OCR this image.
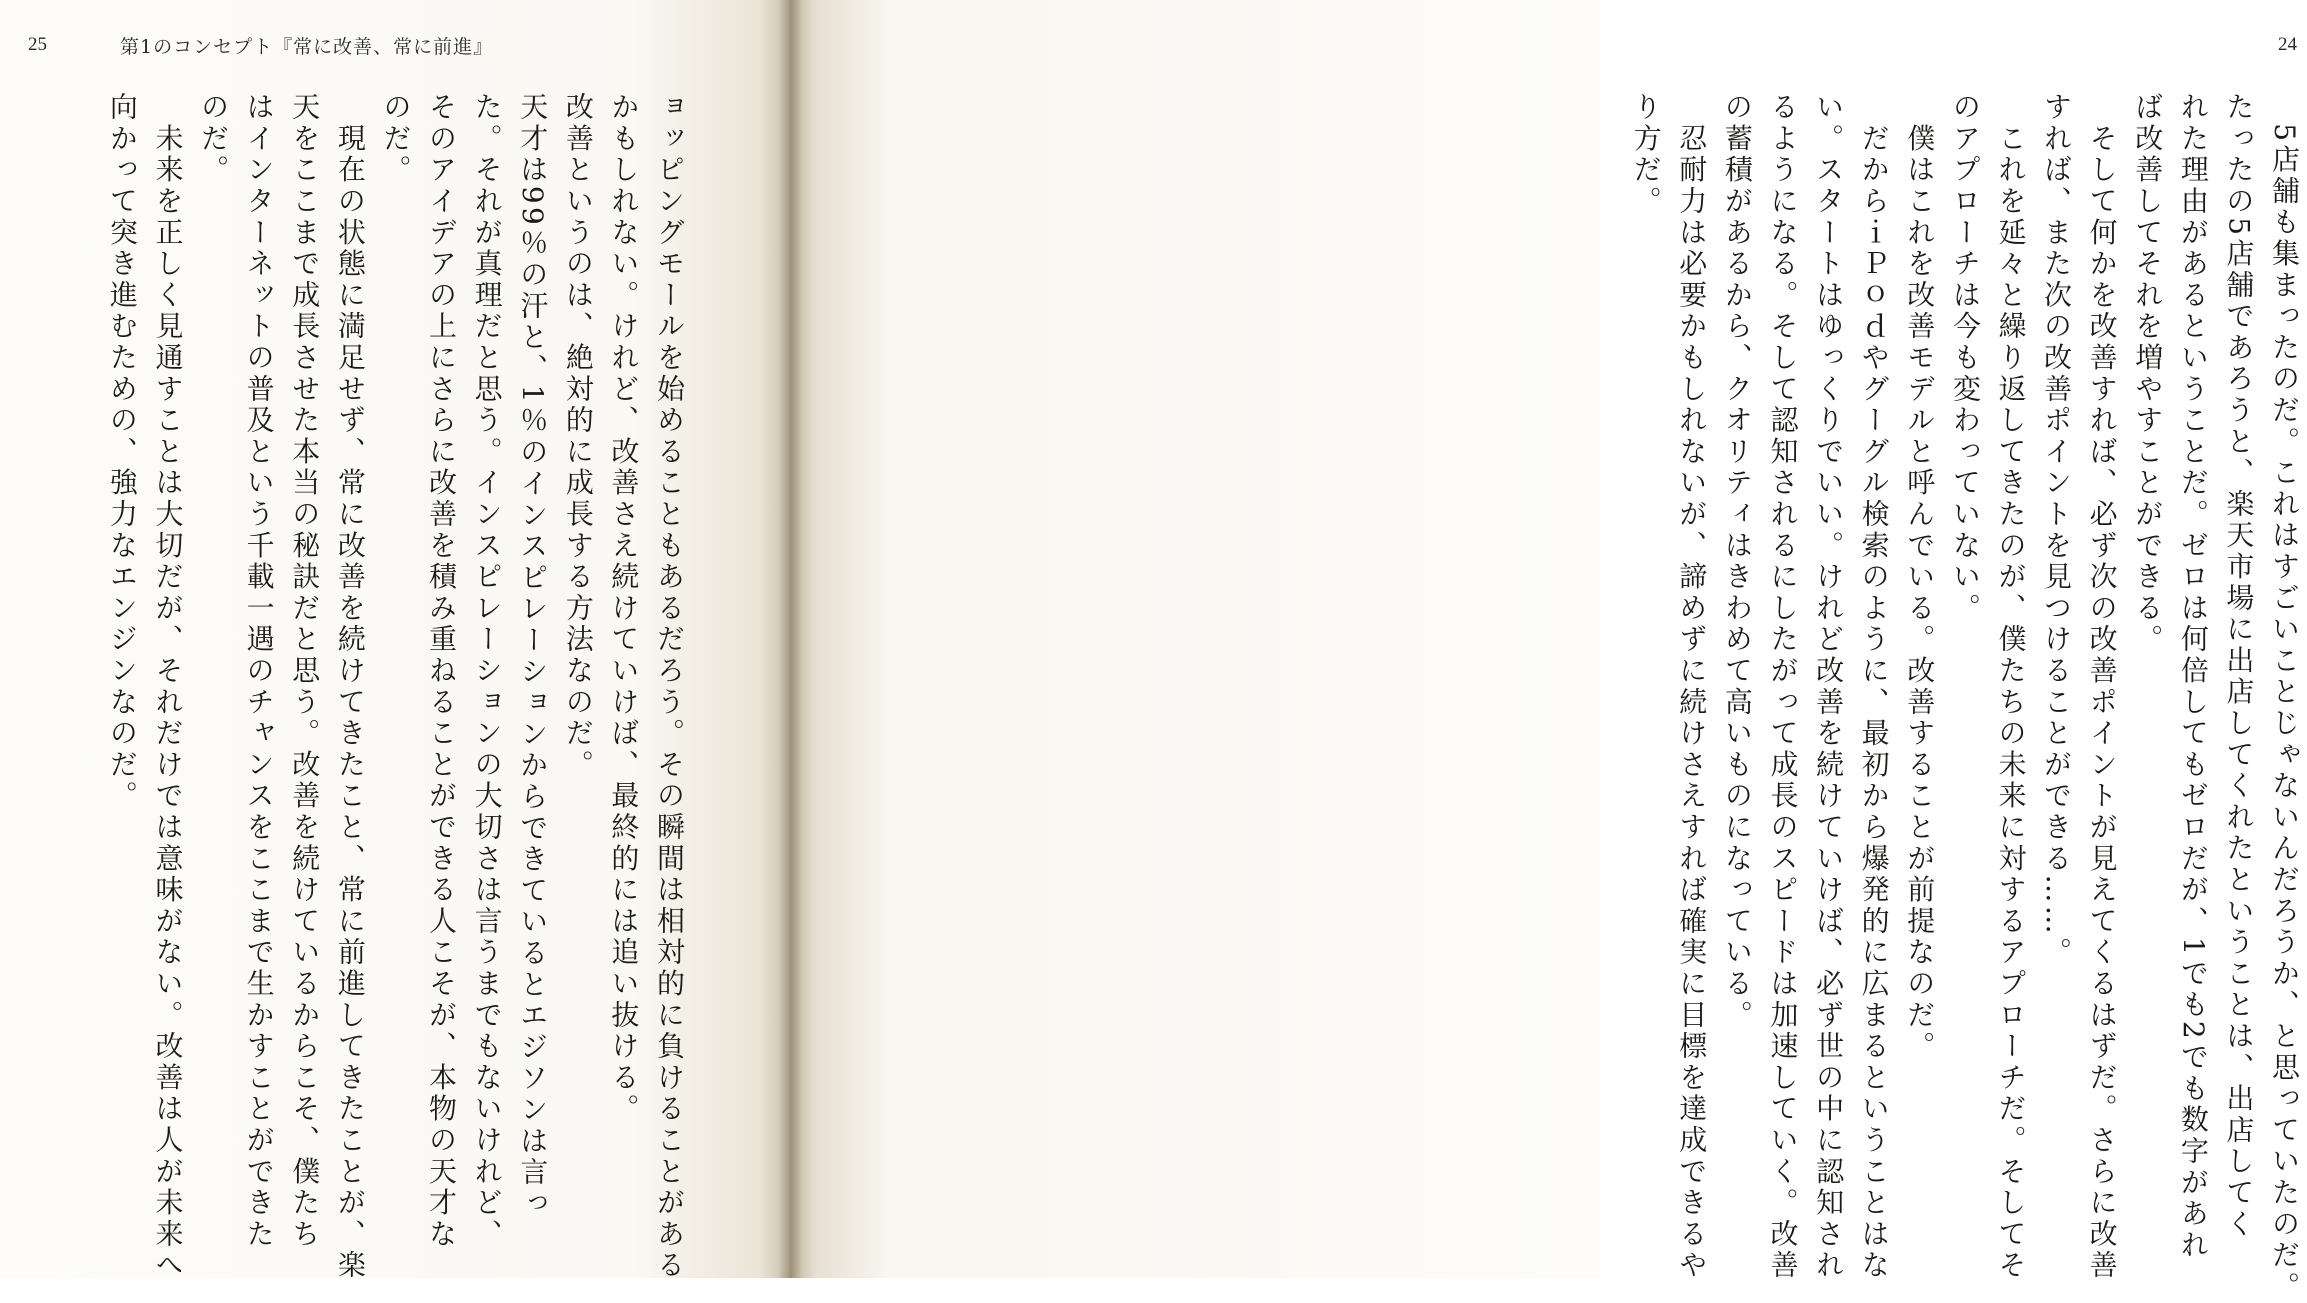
25	第1のコンセプト『常に改善、常に前進』
ョッピングモールを始めることもあるだろう。その瞬間は相対的に負けることがある
かもしれない。けれど、改善さえ続けていけば、最終的には追い抜ける。
改善というのは、絶対的に成長する方法なのだ。
天才は99％の汗と、1％のインスピレーションからできているとエジソンは言っ
た。それが真理だと思う。インスピレーションの大切さは言うまでもないけれど、
そのアイデアの上にさらに改善を積み重ねることができる人こそが、本物の天才な
のだ。
　現在の状態に満足せず、常に改善を続けてきたこと、常に前進してきたことが、楽
天をここまで成長させた本当の秘訣だと思う。改善を続けているからこそ、僕たち
はインターネットの普及という千載一遇のチャンスをここまで生かすことができた
のだ。
　未来を正しく見通すことは大切だが、それだけでは意味がない。改善は人が未来へ
向かって突き進むための、強力なエンジンなのだ。
24
　5店舗も集まったのだ。これはすごいことじゃないんだろうか、と思っていたのだ。
たったの5店舗であろうと、楽天市場に出店してくれたということは、出店してく
れた理由があるということだ。ゼロは何倍してもゼロだが、1でも2でも数字があれ
ば改善してそれを増やすことができる。
　そして何かを改善すれば、必ず次の改善ポイントが見えてくるはずだ。さらに改善
すれば、また次の改善ポイントを見つけることができる……。
　これを延々と繰り返してきたのが、僕たちの未来に対するアプローチだ。そしてそ
のアプローチは今も変わっていない。
　僕はこれを改善モデルと呼んでいる。改善することが前提なのだ。
　だからｉＰｏｄやグーグル検索のように、最初から爆発的に広まるということはな
い。スタートはゆっくりでいい。けれど改善を続けていけば、必ず世の中に認知され
るようになる。そして認知されるにしたがって成長のスピードは加速していく。改善
の蓄積があるから、クオリティはきわめて高いものになっている。
　忍耐力は必要かもしれないが、諦めずに続けさえすれば確実に目標を達成できるや
り方だ。
